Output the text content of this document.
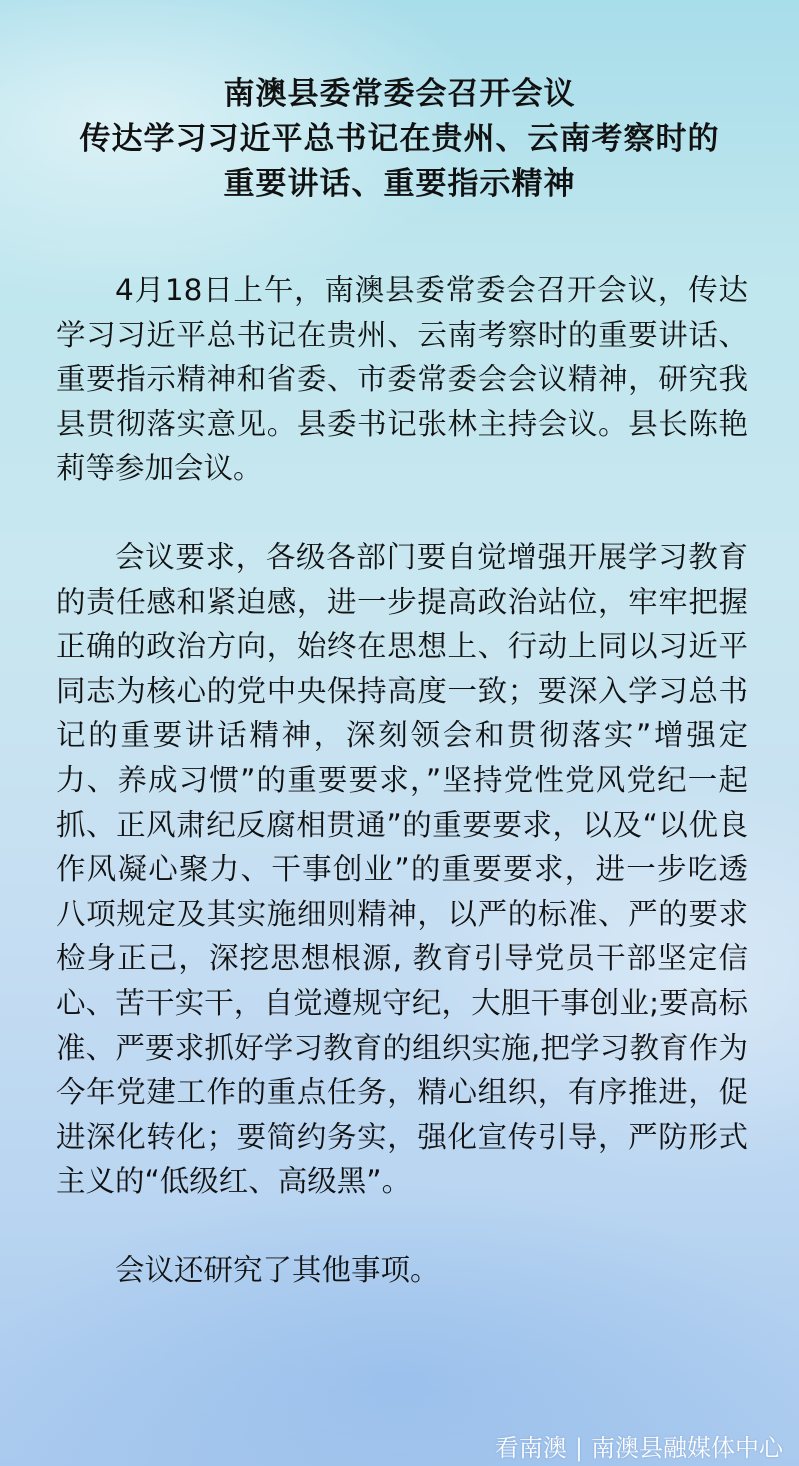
南澳县委常委会召开会议
传达学习习近平总书记在贵州、云南考察时的
重要讲话、重要指示精神

4月18日上午，南澳县委常委会召开会议，传达学习习近平总书记在贵州、云南考察时的重要讲话、重要指示精神和省委、市委常委会会议精神，研究我县贯彻落实意见。县委书记张林主持会议。县长陈艳莉等参加会议。

会议要求，各级各部门要自觉增强开展学习教育的责任感和紧迫感，进一步提高政治站位，牢牢把握正确的政治方向，始终在思想上、行动上同以习近平同志为核心的党中央保持高度一致；要深入学习总书记的重要讲话精神，深刻领会和贯彻落实”增强定力、养成习惯”的重要要求，”坚持党性党风党纪一起抓、正风肃纪反腐相贯通”的重要要求，以及“以优良作风凝心聚力、干事创业”的重要要求，进一步吃透八项规定及其实施细则精神，以严的标准、严的要求检身正己，深挖思想根源, 教育引导党员干部坚定信心、苦干实干，自觉遵规守纪，大胆干事创业;要高标准、严要求抓好学习教育的组织实施,把学习教育作为今年党建工作的重点任务，精心组织，有序推进，促进深化转化；要简约务实，强化宣传引导，严防形式主义的“低级红、高级黑”。

会议还研究了其他事项。

看南澳 | 南澳县融媒体中心
